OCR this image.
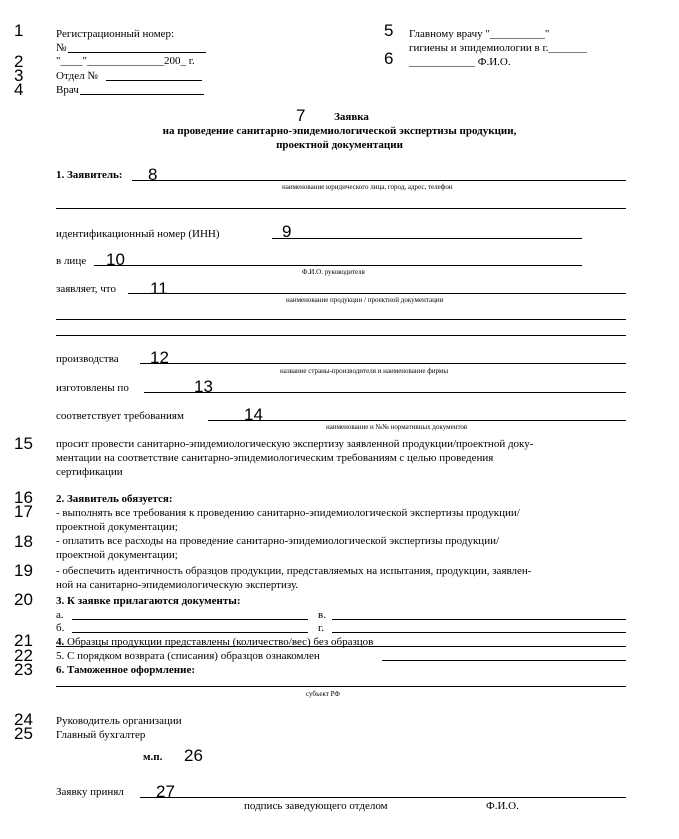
Регистрационный номер:
№
"____"______________200_ г.
Отдел №
Врач
Главному врачу "__________"
гигиены и эпидемиологии в г._______
____________ Ф.И.О.
Заявка
на проведение санитарно-эпидемиологической экспертизы продукции,
проектной документации
1. Заявитель:
наименование юридического лица, город, адрес, телефон
идентификационный номер (ИНН)
в лице
Ф.И.О. руководителя
заявляет, что
наименование продукции / проектной документации
производства
название страны-производителя и наименование фирмы
изготовлены по
соответствует требованиям
наименование и №№ нормативных документов
просит провести санитарно-эпидемиологическую экспертизу заявленной продукции/проектной доку-
ментации на соответствие санитарно-эпидемиологическим требованиям с целью проведения
сертификации
2. Заявитель обязуется:
- выполнять все требования к проведению санитарно-эпидемиологической экспертизы продукции/
проектной документации;
- оплатить все расходы на проведение санитарно-эпидемиологической экспертизы продукции/
проектной документации;
- обеспечить идентичность образцов продукции, представляемых на испытания, продукции, заявлен-
ной на санитарно-эпидемиологическую экспертизу.
3. К заявке прилагаются документы:
а.	в.
б.	г.
4. Образцы продукции представлены (количество/вес) без образцов
5. С порядком возврата (списания) образцов ознакомлен
6. Таможенное оформление:
субъект РФ
Руководитель организации
Главный бухгалтер
м.п.
Заявку принял
подпись заведующего отделом	Ф.И.О.
1
2
3
4
5
6
7
8
9
10
11
12
13
14
15
16
17
18
19
20
21
22
23
24
25
26
27
